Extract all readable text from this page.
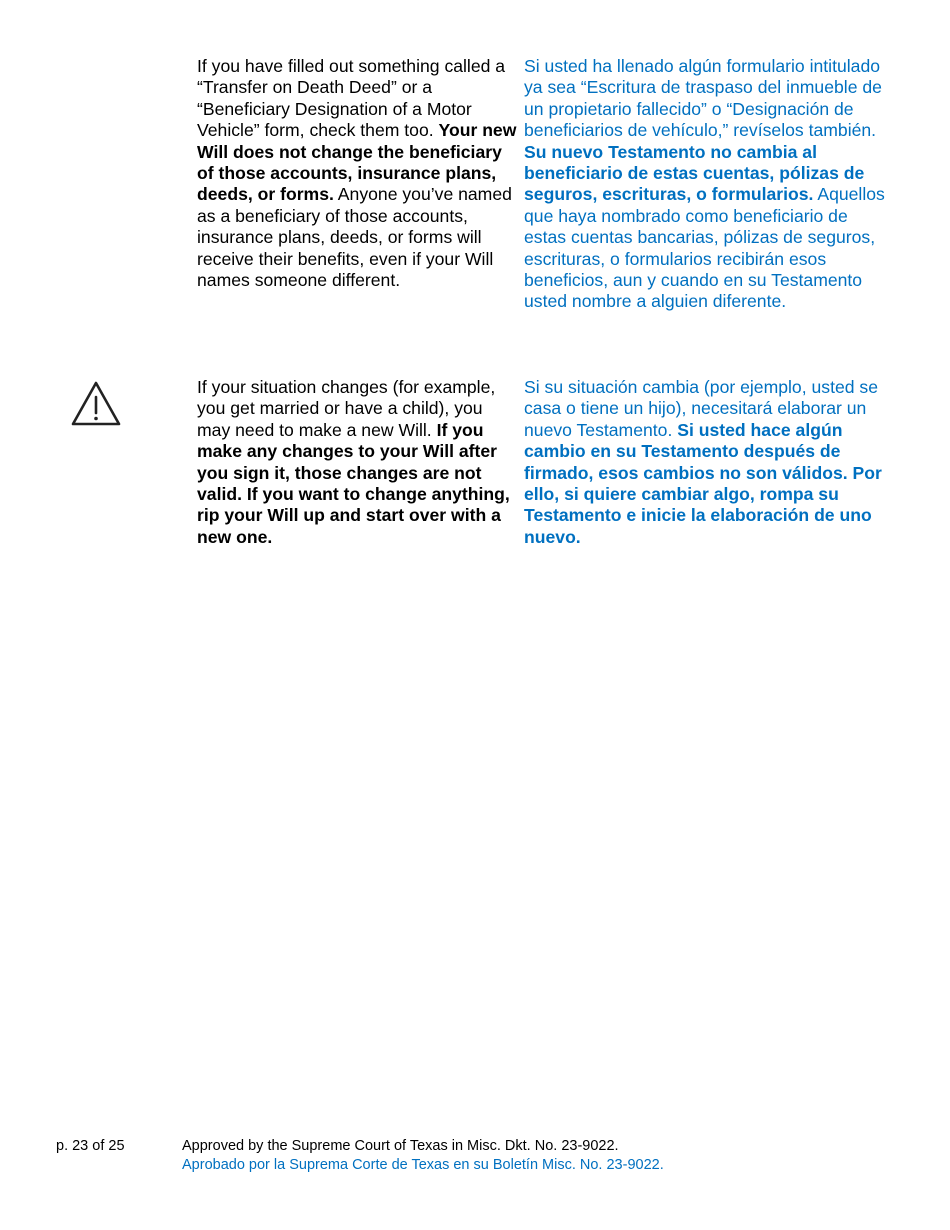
If you have filled out something called a “Transfer on Death Deed” or a “Beneficiary Designation of a Motor Vehicle” form, check them too. Your new Will does not change the beneficiary of those accounts, insurance plans, deeds, or forms. Anyone you’ve named as a beneficiary of those accounts, insurance plans, deeds, or forms will receive their benefits, even if your Will names someone different.
Si usted ha llenado algún formulario intitulado ya sea “Escritura de traspaso del inmueble de un propietario fallecido” o “Designación de beneficiarios de vehículo,” revíselos también. Su nuevo Testamento no cambia al beneficiario de estas cuentas, pólizas de seguros, escrituras, o formularios. Aquellos que haya nombrado como beneficiario de estas cuentas bancarias, pólizas de seguros, escrituras, o formularios recibirán esos beneficios, aun y cuando en su Testamento usted nombre a alguien diferente.
If your situation changes (for example, you get married or have a child), you may need to make a new Will. If you make any changes to your Will after you sign it, those changes are not valid. If you want to change anything, rip your Will up and start over with a new one.
Si su situación cambia (por ejemplo, usted se casa o tiene un hijo), necesitará elaborar un nuevo Testamento. Si usted hace algún cambio en su Testamento después de firmado, esos cambios no son válidos. Por ello, si quiere cambiar algo, rompa su Testamento e inicie la elaboración de uno nuevo.
p. 23 of 25	Approved by the Supreme Court of Texas in Misc. Dkt. No. 23-9022.
Aprobado por la Suprema Corte de Texas en su Boletín Misc. No. 23-9022.
